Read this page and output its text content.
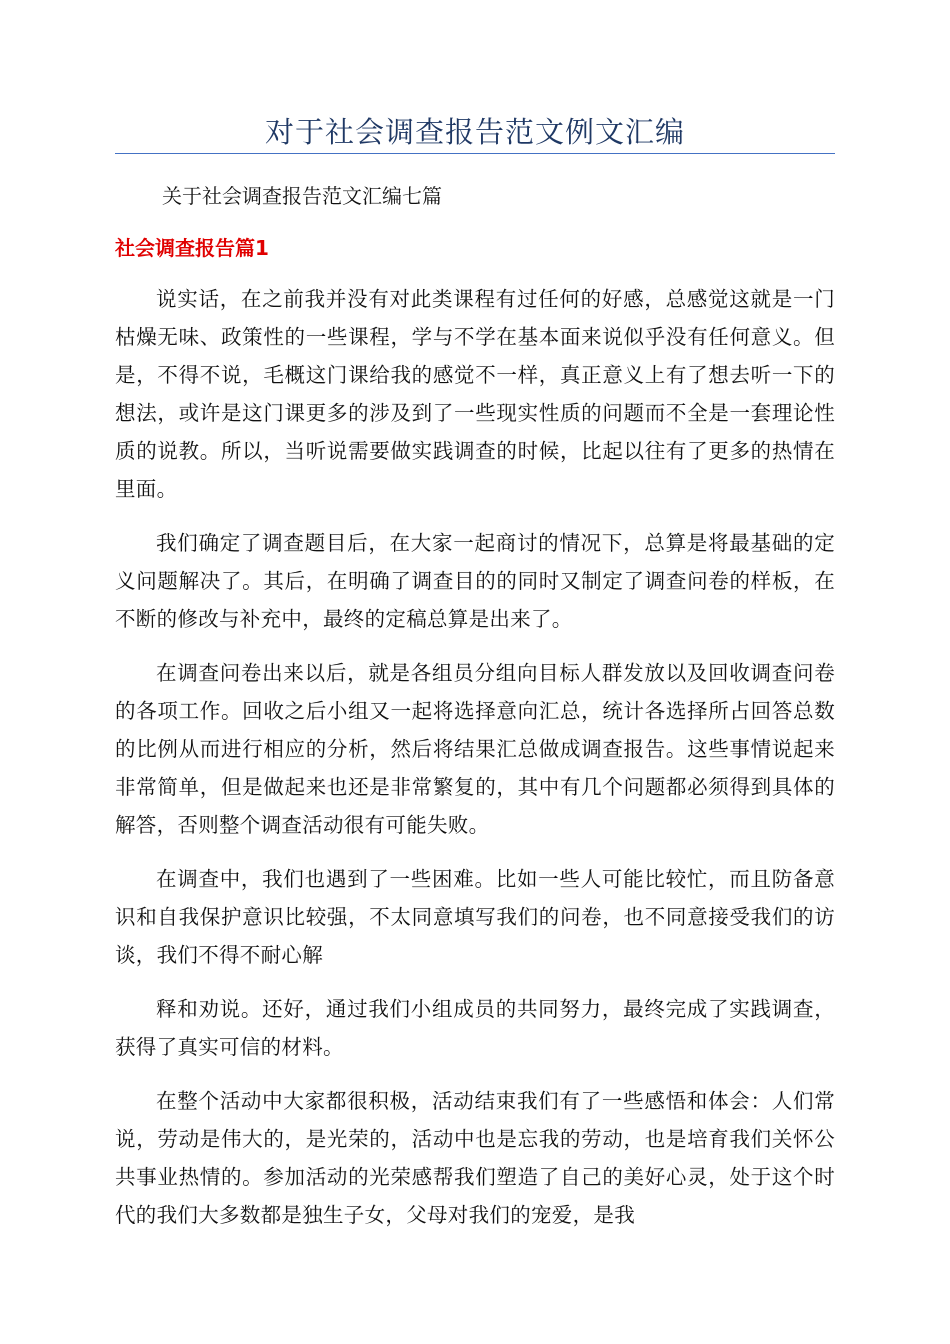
对于社会调查报告范文例文汇编
关于社会调查报告范文汇编七篇
社会调查报告篇1

说实话，在之前我并没有对此类课程有过任何的好感，总感觉这就是一门枯燥无味、政策性的一些课程，学与不学在基本面来说似乎没有任何意义。但是，不得不说，毛概这门课给我的感觉不一样，真正意义上有了想去听一下的想法，或许是这门课更多的涉及到了一些现实性质的问题而不全是一套理论性质的说教。所以，当听说需要做实践调查的时候，比起以往有了更多的热情在里面。

我们确定了调查题目后，在大家一起商讨的情况下，总算是将最基础的定义问题解决了。其后，在明确了调查目的的同时又制定了调查问卷的样板，在不断的修改与补充中，最终的定稿总算是出来了。

在调查问卷出来以后，就是各组员分组向目标人群发放以及回收调查问卷的各项工作。回收之后小组又一起将选择意向汇总，统计各选择所占回答总数的比例从而进行相应的分析，然后将结果汇总做成调查报告。这些事情说起来非常简单，但是做起来也还是非常繁复的，其中有几个问题都必须得到具体的解答，否则整个调查活动很有可能失败。

在调查中，我们也遇到了一些困难。比如一些人可能比较忙，而且防备意识和自我保护意识比较强，不太同意填写我们的问卷，也不同意接受我们的访谈，我们不得不耐心解

释和劝说。还好，通过我们小组成员的共同努力，最终完成了实践调查，获得了真实可信的材料。

在整个活动中大家都很积极，活动结束我们有了一些感悟和体会：人们常说，劳动是伟大的，是光荣的，活动中也是忘我的劳动，也是培育我们关怀公共事业热情的。参加活动的光荣感帮我们塑造了自己的美好心灵，处于这个时代的我们大多数都是独生子女，父母对我们的宠爱，是我
